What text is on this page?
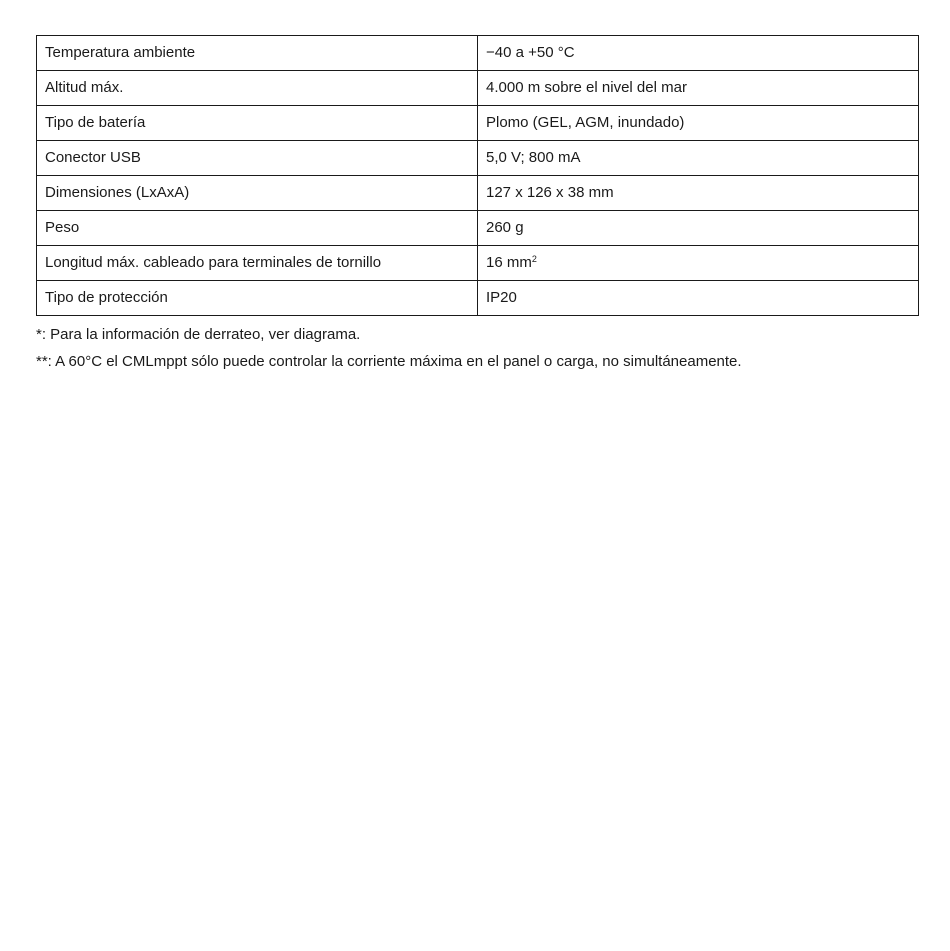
Temperatura ambiente	−40 a +50 °C
Altitud máx.	4.000 m sobre el nivel del mar
Tipo de batería	Plomo (GEL, AGM, inundado)
Conector USB	5,0 V; 800 mA
Dimensiones (LxAxA)	127 x 126 x 38 mm
Peso	260 g
Longitud máx. cableado para terminales de tornillo	16 $mm^2$
Tipo de protección	IP20
*: Para la información de derrateo, ver diagrama.
**: A 60°C el CMLmppt sólo puede controlar la corriente máxima en el panel o carga, no simultáneamente.
